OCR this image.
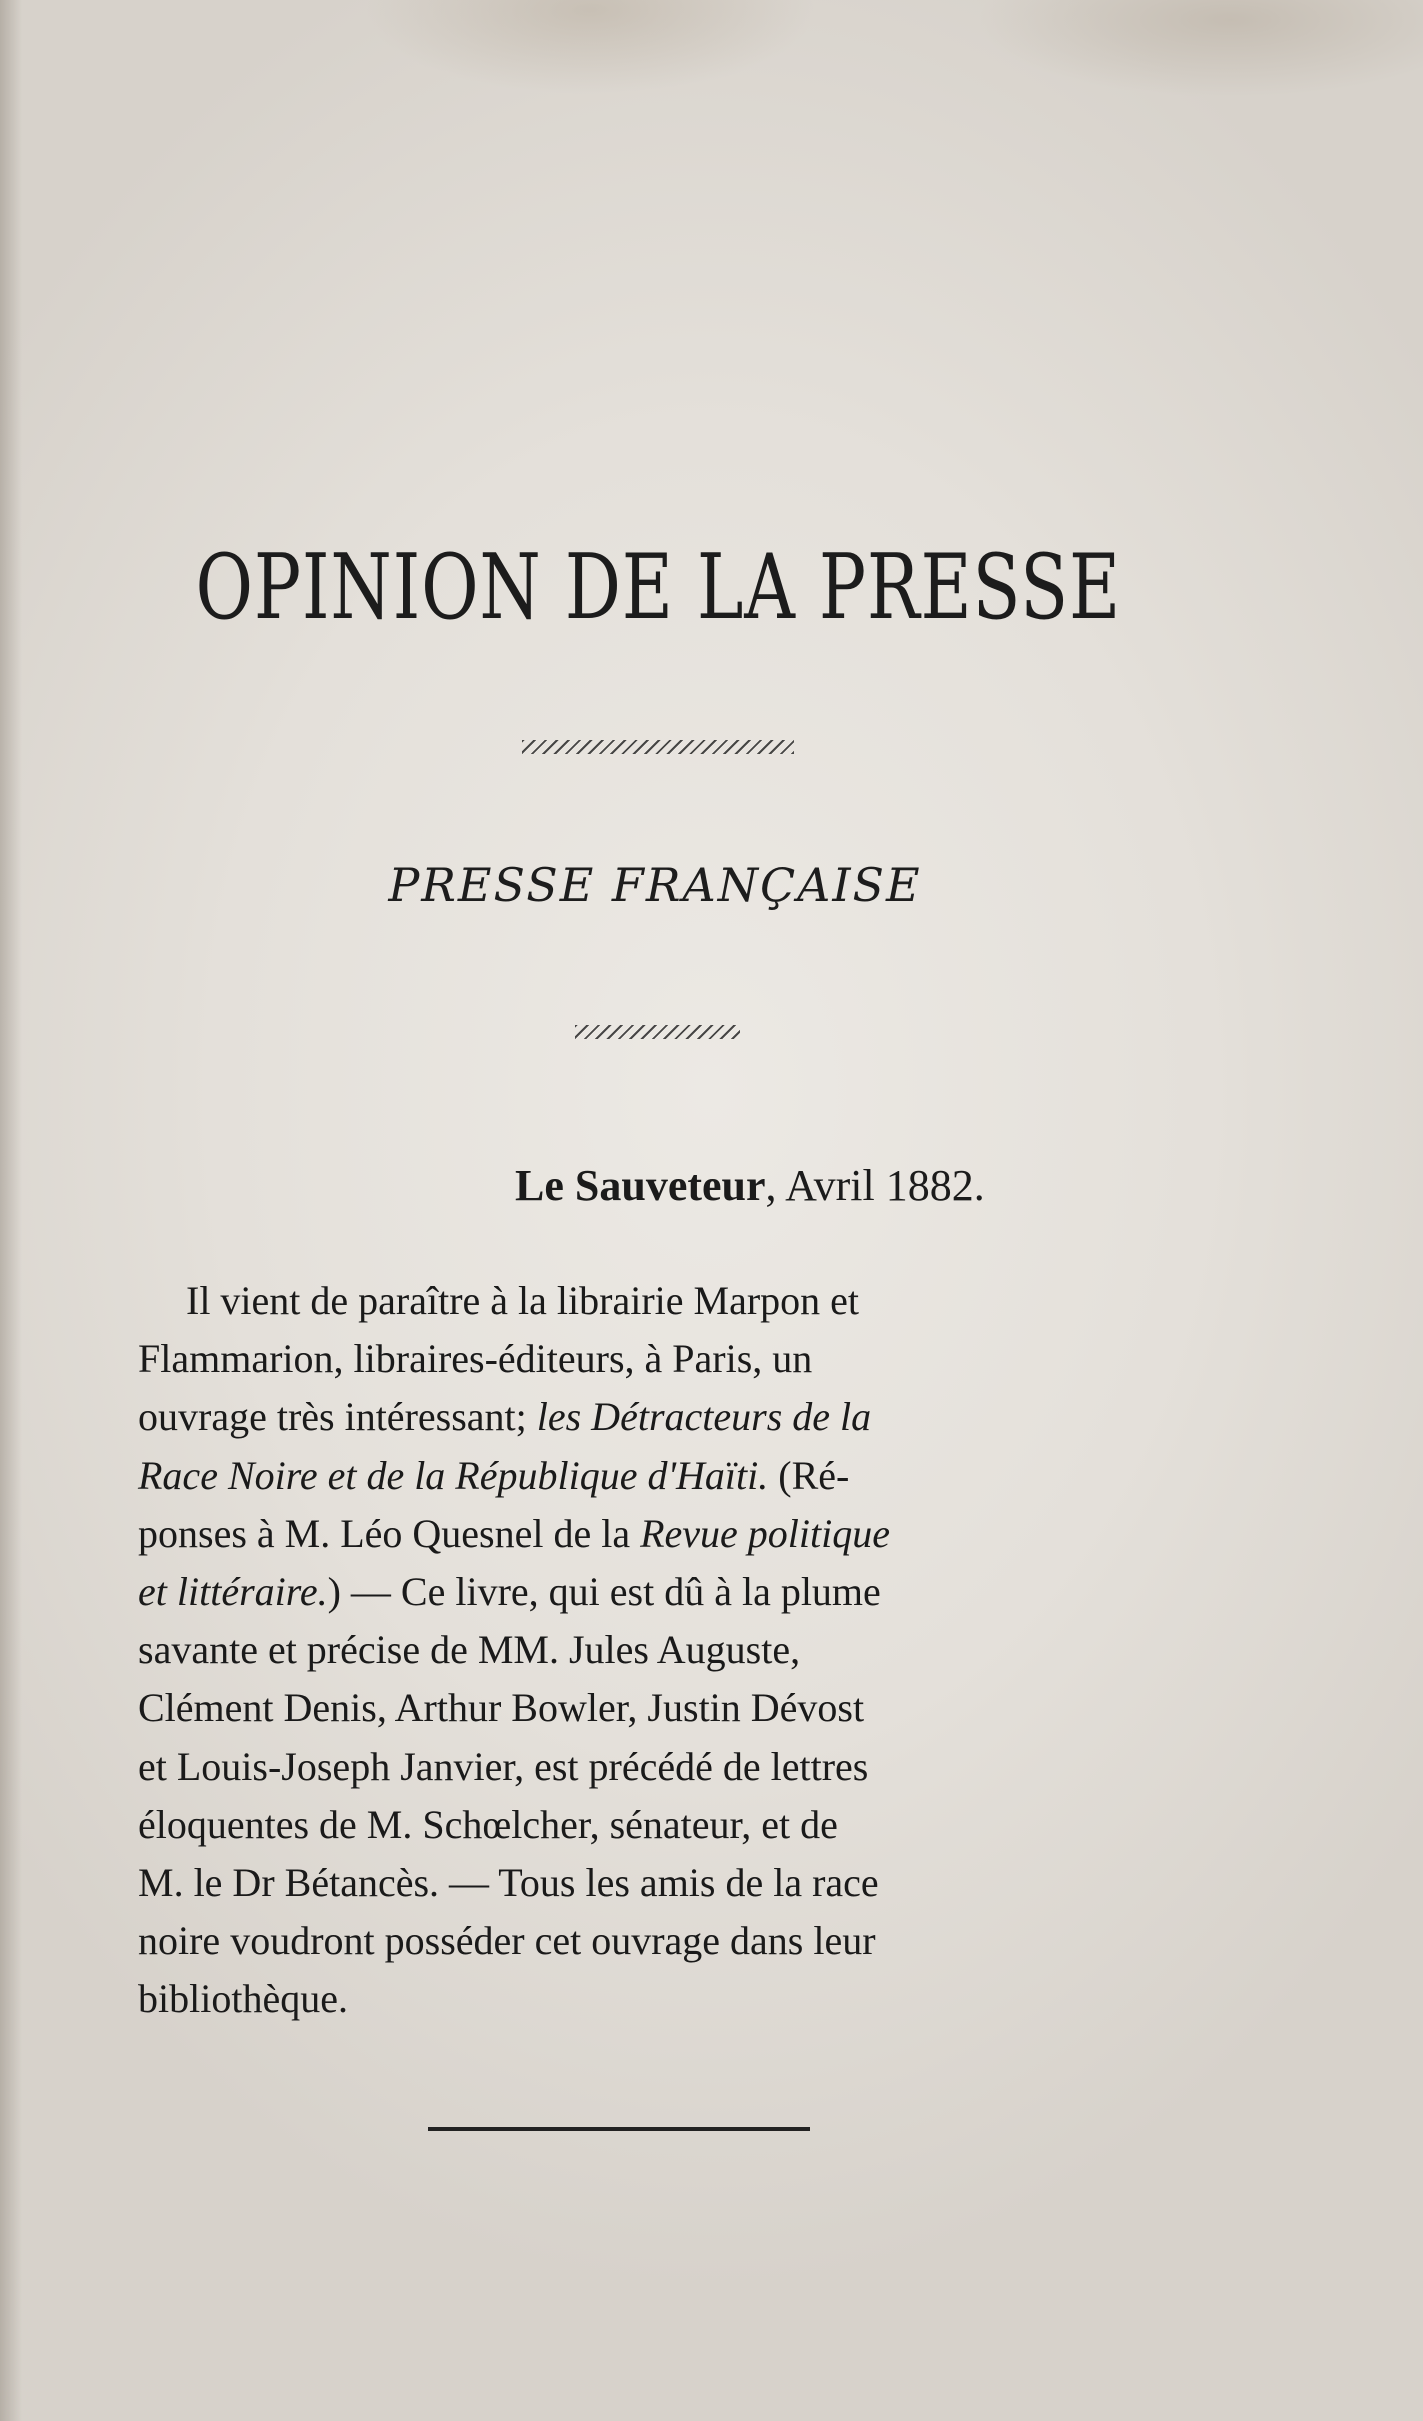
OPINION DE LA PRESSE
PRESSE FRANÇAISE
Le Sauveteur, Avril 1882.
Il vient de paraître à la librairie Marpon et
Flammarion, libraires-éditeurs, à Paris, un
ouvrage très intéressant; les Détracteurs de la
Race Noire et de la République d'Haïti. (Ré-
ponses à M. Léo Quesnel de la Revue politique
et littéraire.) — Ce livre, qui est dû à la plume
savante et précise de MM. Jules Auguste,
Clément Denis, Arthur Bowler, Justin Dévost
et Louis-Joseph Janvier, est précédé de lettres
éloquentes de M. Schœlcher, sénateur, et de
M. le Dr Bétancès. — Tous les amis de la race
noire voudront posséder cet ouvrage dans leur
bibliothèque.
